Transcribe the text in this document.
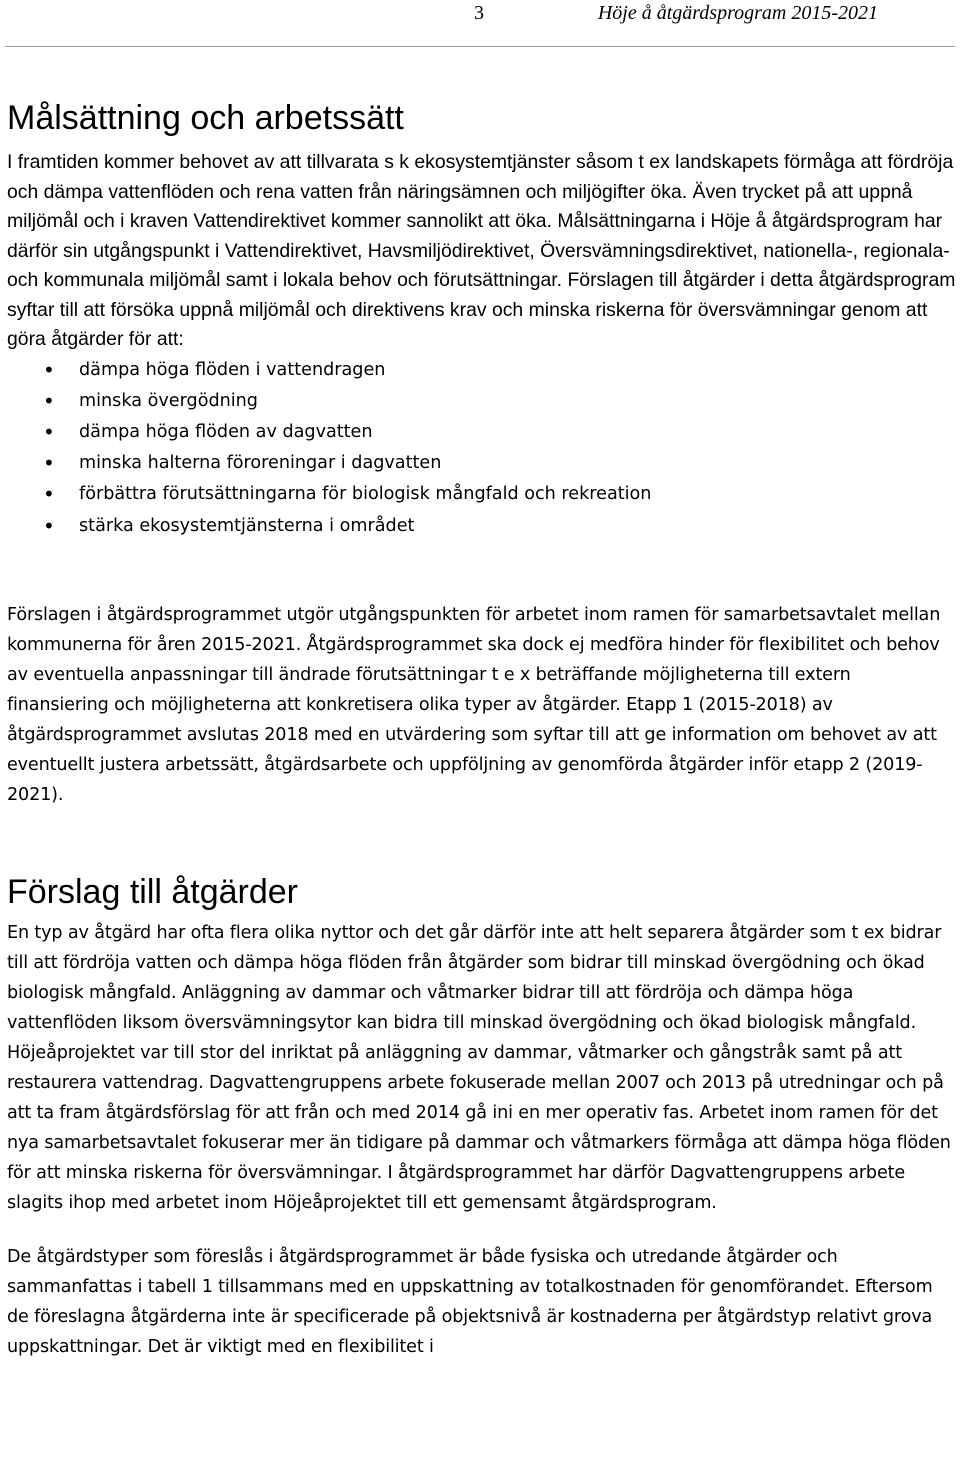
3	Höje å åtgärdsprogram 2015-2021
Målsättning och arbetssätt

I framtiden kommer behovet av att tillvarata s k ekosystemtjänster såsom t ex landskapets förmåga att fördröja och dämpa vattenflöden och rena vatten från näringsämnen och miljögifter öka. Även trycket på att uppnå miljömål och i kraven Vattendirektivet kommer sannolikt att öka. Målsättningarna i Höje å åtgärdsprogram har därför sin utgångspunkt i Vattendirektivet, Havsmiljödirektivet, Översvämningsdirektivet, nationella-, regionala- och kommunala miljömål samt i lokala behov och förutsättningar. Förslagen till åtgärder i detta åtgärdsprogram syftar till att försöka uppnå miljömål och direktivens krav och minska riskerna för översvämningar genom att göra åtgärder för att:

• dämpa höga flöden i vattendragen
• minska övergödning
• dämpa höga flöden av dagvatten
• minska halterna föroreningar i dagvatten
• förbättra förutsättningarna för biologisk mångfald och rekreation
• stärka ekosystemtjänsterna i området

Förslagen i åtgärdsprogrammet utgör utgångspunkten för arbetet inom ramen för samarbetsavtalet mellan kommunerna för åren 2015-2021. Åtgärdsprogrammet ska dock ej medföra hinder för flexibilitet och behov av eventuella anpassningar till ändrade förutsättningar t e x beträffande möjligheterna till extern finansiering och möjligheterna att konkretisera olika typer av åtgärder. Etapp 1 (2015-2018) av åtgärdsprogrammet avslutas 2018 med en utvärdering som syftar till att ge information om behovet av att eventuellt justera arbetssätt, åtgärdsarbete och uppföljning av genomförda åtgärder inför etapp 2 (2019-2021).

Förslag till åtgärder

En typ av åtgärd har ofta flera olika nyttor och det går därför inte att helt separera åtgärder som t ex bidrar till att fördröja vatten och dämpa höga flöden från åtgärder som bidrar till minskad övergödning och ökad biologisk mångfald. Anläggning av dammar och våtmarker bidrar till att fördröja och dämpa höga vattenflöden liksom översvämningsytor kan bidra till minskad övergödning och ökad biologisk mångfald. Höjeåprojektet var till stor del inriktat på anläggning av dammar, våtmarker och gångstråk samt på att restaurera vattendrag. Dagvattengruppens arbete fokuserade mellan 2007 och 2013 på utredningar och på att ta fram åtgärdsförslag för att från och med 2014 gå ini en mer operativ fas. Arbetet inom ramen för det nya samarbetsavtalet fokuserar mer än tidigare på dammar och våtmarkers förmåga att dämpa höga flöden för att minska riskerna för översvämningar. I åtgärdsprogrammet har därför Dagvattengruppens arbete slagits ihop med arbetet inom Höjeåprojektet till ett gemensamt åtgärdsprogram.

De åtgärdstyper som föreslås i åtgärdsprogrammet är både fysiska och utredande åtgärder och sammanfattas i tabell 1 tillsammans med en uppskattning av totalkostnaden för genomförandet. Eftersom de föreslagna åtgärderna inte är specificerade på objektsnivå är kostnaderna per åtgärdstyp relativt grova uppskattningar. Det är viktigt med en flexibilitet i
